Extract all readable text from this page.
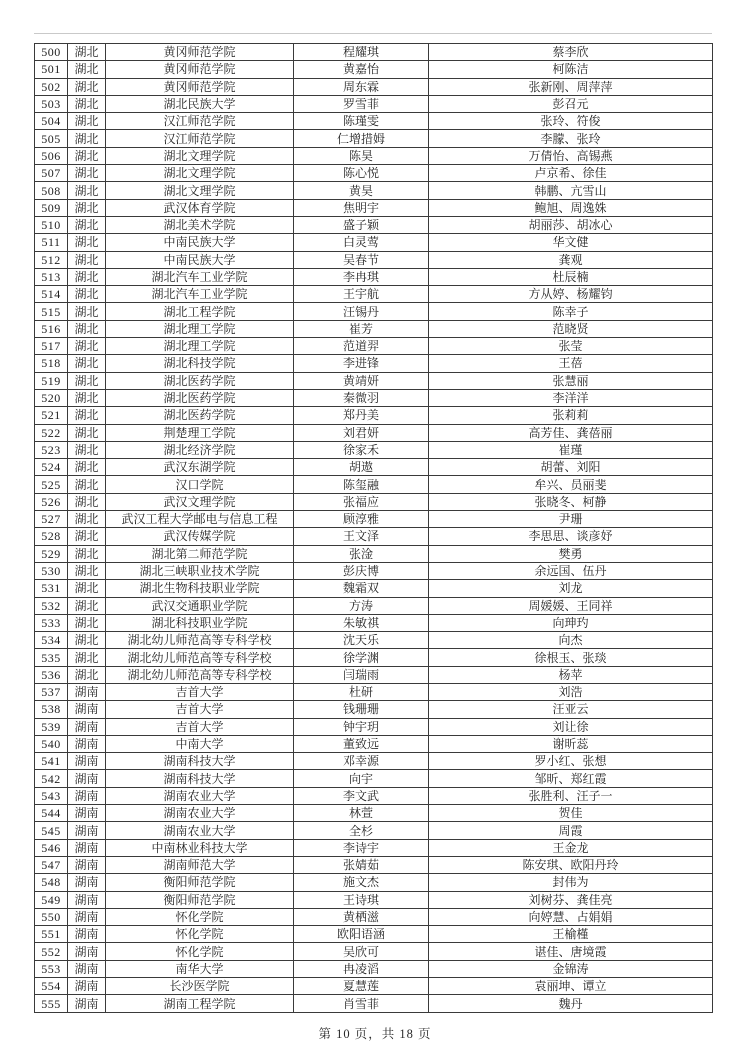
500	湖北	黄冈师范学院	程耀琪	蔡李欣
501	湖北	黄冈师范学院	黄嘉怡	柯陈洁
502	湖北	黄冈师范学院	周东霖	张新刚、周萍萍
503	湖北	湖北民族大学	罗雪菲	彭召元
504	湖北	汉江师范学院	陈瑾雯	张玲、符俊
505	湖北	汉江师范学院	仁增措姆	李朦、张玲
506	湖北	湖北文理学院	陈昊	万倩怡、高锡燕
507	湖北	湖北文理学院	陈心悦	卢京希、徐佳
508	湖北	湖北文理学院	黄昊	韩鹏、亢雪山
509	湖北	武汉体育学院	焦明宇	鲍旭、周逸姝
510	湖北	湖北美术学院	盛子颖	胡丽莎、胡冰心
511	湖北	中南民族大学	白灵莺	华文健
512	湖北	中南民族大学	吴春节	龚观
513	湖北	湖北汽车工业学院	李冉琪	杜辰楠
514	湖北	湖北汽车工业学院	王宇航	方从婷、杨耀钧
515	湖北	湖北工程学院	汪锡丹	陈幸子
516	湖北	湖北理工学院	崔芳	范晓贤
517	湖北	湖北理工学院	范道羿	张莹
518	湖北	湖北科技学院	李进锋	王蓓
519	湖北	湖北医药学院	黄靖妍	张慧丽
520	湖北	湖北医药学院	秦微羽	李洋洋
521	湖北	湖北医药学院	郑丹美	张莉莉
522	湖北	荆楚理工学院	刘君妍	高芳佳、龚蓓丽
523	湖北	湖北经济学院	徐家禾	崔瑾
524	湖北	武汉东湖学院	胡遨	胡蕾、刘阳
525	湖北	汉口学院	陈玺融	牟兴、员丽斐
526	湖北	武汉文理学院	张福应	张晓冬、柯静
527	湖北	武汉工程大学邮电与信息工程	顾淳雅	尹珊
528	湖北	武汉传媒学院	王文泽	李思思、谈彦妤
529	湖北	湖北第二师范学院	张淦	樊勇
530	湖北	湖北三峡职业技术学院	彭庆博	余远国、伍丹
531	湖北	湖北生物科技职业学院	魏霜双	刘龙
532	湖北	武汉交通职业学院	方涛	周媛媛、王同祥
533	湖北	湖北科技职业学院	朱敏祺	向珅玓
534	湖北	湖北幼儿师范高等专科学校	沈天乐	向杰
535	湖北	湖北幼儿师范高等专科学校	徐学渊	徐根玉、张琰
536	湖北	湖北幼儿师范高等专科学校	闫瑞雨	杨苹
537	湖南	吉首大学	杜研	刘浩
538	湖南	吉首大学	钱珊珊	汪亚云
539	湖南	吉首大学	钟宇玥	刘让徐
540	湖南	中南大学	董致远	谢昕蕊
541	湖南	湖南科技大学	邓幸源	罗小红、张想
542	湖南	湖南科技大学	向宇	邹昕、郑红霞
543	湖南	湖南农业大学	李文武	张胜利、汪子一
544	湖南	湖南农业大学	林萱	贺佳
545	湖南	湖南农业大学	全杉	周霞
546	湖南	中南林业科技大学	李诗宇	王金龙
547	湖南	湖南师范大学	张婧茹	陈安琪、欧阳丹玲
548	湖南	衡阳师范学院	施文杰	封伟为
549	湖南	衡阳师范学院	王诗琪	刘树芬、龚佳亮
550	湖南	怀化学院	黄栖滋	向婷慧、占娟娟
551	湖南	怀化学院	欧阳语涵	王榆槿
552	湖南	怀化学院	吴欣可	谌佳、唐境霞
553	湖南	南华大学	冉凌滔	金锦涛
554	湖南	长沙医学院	夏慧莲	袁丽坤、谭立
555	湖南	湖南工程学院	肖雪菲	魏丹
第 10 页，共 18 页
